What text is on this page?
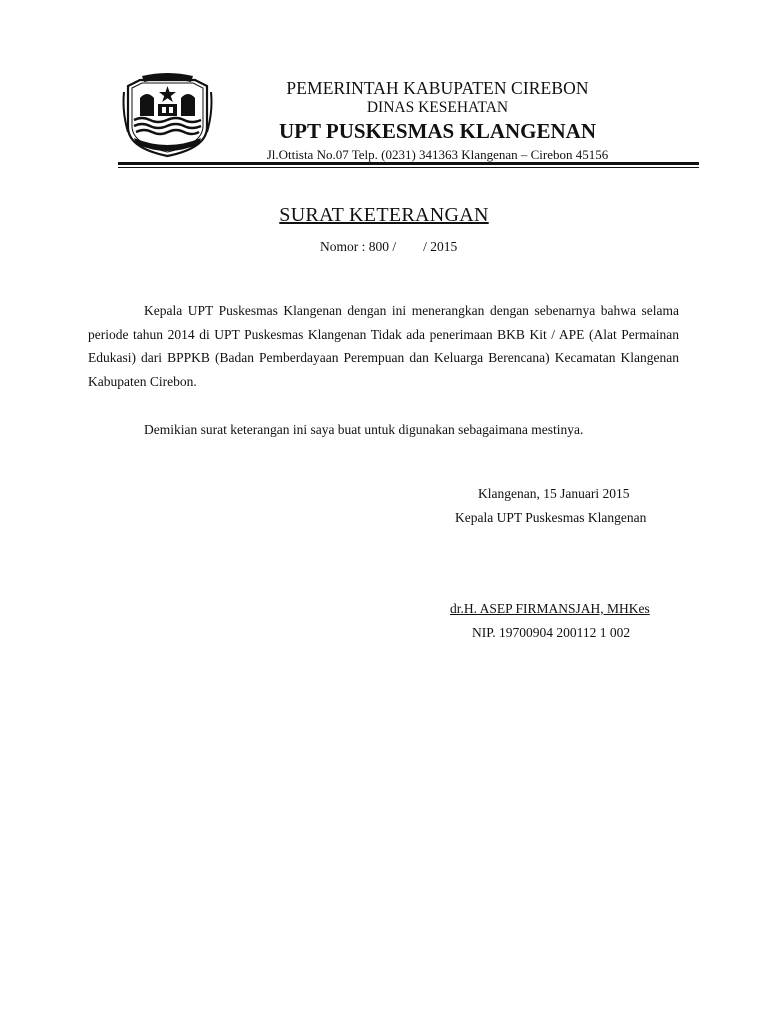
PEMERINTAH KABUPATEN CIREBON
DINAS KESEHATAN
UPT PUSKESMAS KLANGENAN
Jl.Ottista No.07 Telp. (0231) 341363 Klangenan – Cirebon 45156
SURAT KETERANGAN
Nomor : 800 /        / 2015
Kepala UPT Puskesmas Klangenan dengan ini menerangkan dengan sebenarnya bahwa selama periode tahun 2014 di UPT Puskesmas Klangenan Tidak ada penerimaan BKB Kit / APE (Alat Permainan Edukasi) dari BPPKB (Badan Pemberdayaan Perempuan dan Keluarga Berencana) Kecamatan Klangenan Kabupaten Cirebon.
Demikian surat keterangan ini saya buat untuk digunakan sebagaimana mestinya.
Klangenan, 15 Januari 2015
Kepala UPT Puskesmas Klangenan
dr.H. ASEP FIRMANSJAH, MHKes
NIP. 19700904 200112 1 002
